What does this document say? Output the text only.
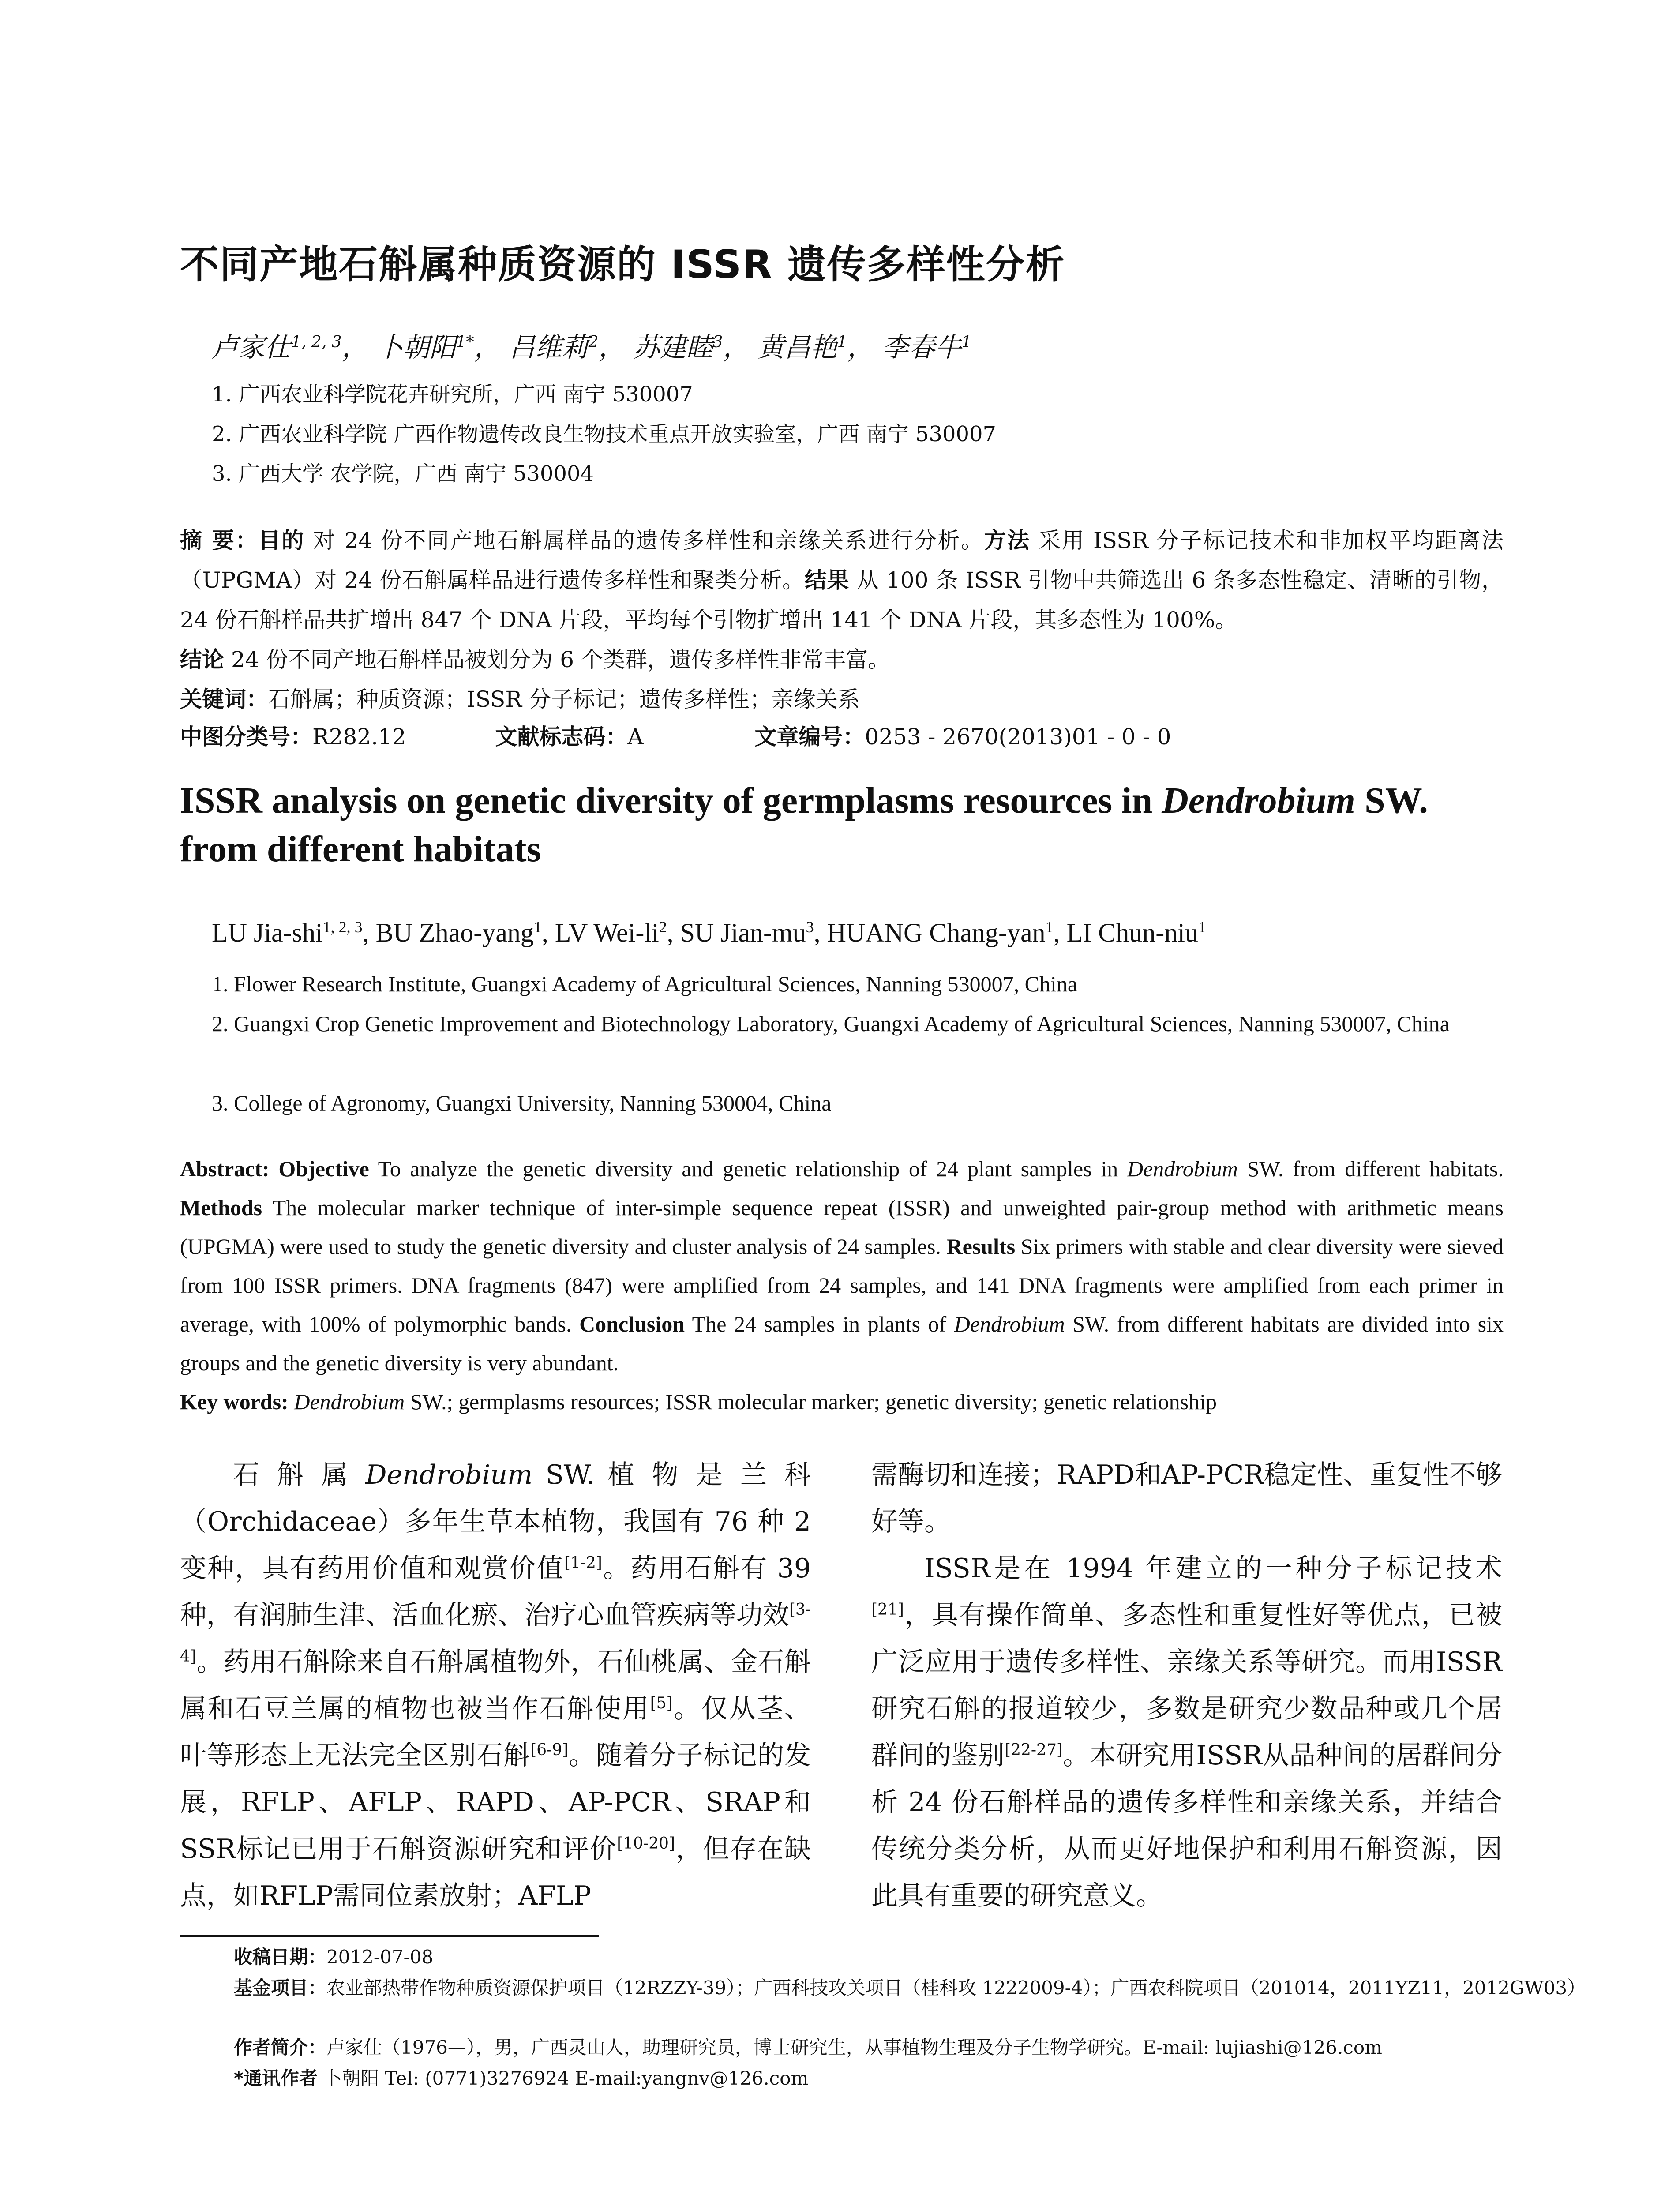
不同产地石斛属种质资源的 ISSR 遗传多样性分析
卢家仕$^{1, 2, 3}$， 卜朝阳$^{1*}$， 吕维莉$^2$， 苏建睦$^3$， 黄昌艳$^1$， 李春牛$^1$
1. 广西农业科学院花卉研究所，广西 南宁 530007
2. 广西农业科学院 广西作物遗传改良生物技术重点开放实验室，广西 南宁 530007
3. 广西大学 农学院，广西 南宁 530004
摘 要：目的 对 24 份不同产地石斛属样品的遗传多样性和亲缘关系进行分析。方法 采用 ISSR 分子标记技术和非加权平均距离法（UPGMA）对 24 份石斛属样品进行遗传多样性和聚类分析。结果 从 100 条 ISSR 引物中共筛选出 6 条多态性稳定、清晰的引物， 24 份石斛样品共扩增出 847 个 DNA 片段，平均每个引物扩增出 141 个 DNA 片段，其多态性为 100%。
结论 24 份不同产地石斛样品被划分为 6 个类群，遗传多样性非常丰富。
关键词：石斛属；种质资源；ISSR 分子标记；遗传多样性；亲缘关系
中图分类号：R282.12	文献标志码：A	文章编号：0253 - 2670(2013)01 - 0 - 0
ISSR analysis on genetic diversity of germplasms resources in Dendrobium SW. from different habitats
LU Jia-shi$^{1, 2, 3}$, BU Zhao-yang$^1$, LV Wei-$li^2$, SU Jian-$mu^3$, HUANG Chang-yan$^1$, LI Chun-niu$^1$
1. Flower Research Institute, Guangxi Academy of Agricultural Sciences, Nanning 530007, China
2. Guangxi Crop Genetic Improvement and Biotechnology Laboratory, Guangxi Academy of Agricultural Sciences, Nanning 530007, China
3. College of Agronomy, Guangxi University, Nanning 530004, China
Abstract: Objective To analyze the genetic diversity and genetic relationship of 24 plant samples in Dendrobium SW. from different habitats. Methods The molecular marker technique of inter-simple sequence repeat (ISSR) and unweighted pair-group method with arithmetic means (UPGMA) were used to study the genetic diversity and cluster analysis of 24 samples. Results Six primers with stable and clear diversity were sieved from 100 ISSR primers. DNA fragments (847) were amplified from 24 samples, and 141 DNA fragments were amplified from each primer in average, with 100% of polymorphic bands. Conclusion The 24 samples in plants of Dendrobium SW. from different habitats are divided into six groups and the genetic diversity is very abundant.
Key words: Dendrobium SW.; germplasms resources; ISSR molecular marker; genetic diversity; genetic relationship

石 斛 属 Dendrobium SW. 植 物 是 兰 科（Orchidaceae）多年生草本植物，我国有 76 种 2 变种，具有药用价值和观赏价值[1-2]。药用石斛有 39 种，有润肺生津、活血化瘀、治疗心血管疾病等功效[3-4]。药用石斛除来自石斛属植物外，石仙桃属、金石斛属和石豆兰属的植物也被当作石斛使用[5]。仅从茎、叶等形态上无法完全区别石斛[6-9]。随着分子标记的发展，RFLP、AFLP、RAPD、AP-PCR、SRAP和SSR标记已用于石斛资源研究和评价[10-20]，但存在缺点，如RFLP需同位素放射；AFLP

需酶切和连接；RAPD和AP-PCR稳定性、重复性不够好等。

ISSR是在 1994 年建立的一种分子标记技术[21]，具有操作简单、多态性和重复性好等优点，已被广泛应用于遗传多样性、亲缘关系等研究。而用ISSR研究石斛的报道较少，多数是研究少数品种或几个居群间的鉴别[22-27]。本研究用ISSR从品种间的居群间分析 24 份石斛样品的遗传多样性和亲缘关系，并结合传统分类分析，从而更好地保护和利用石斛资源，因此具有重要的研究意义。

收稿日期：2012-07-08
基金项目：农业部热带作物种质资源保护项目（12RZZY-39）；广西科技攻关项目（桂科攻 1222009-4）；广西农科院项目（201014，2011YZ11，2012GW03）
作者简介：卢家仕（1976—），男，广西灵山人，助理研究员，博士研究生，从事植物生理及分子生物学研究。E-mail: lujiashi@126.com
*通讯作者 卜朝阳 Tel: (0771)3276924 E-mail:yangnv@126.com
